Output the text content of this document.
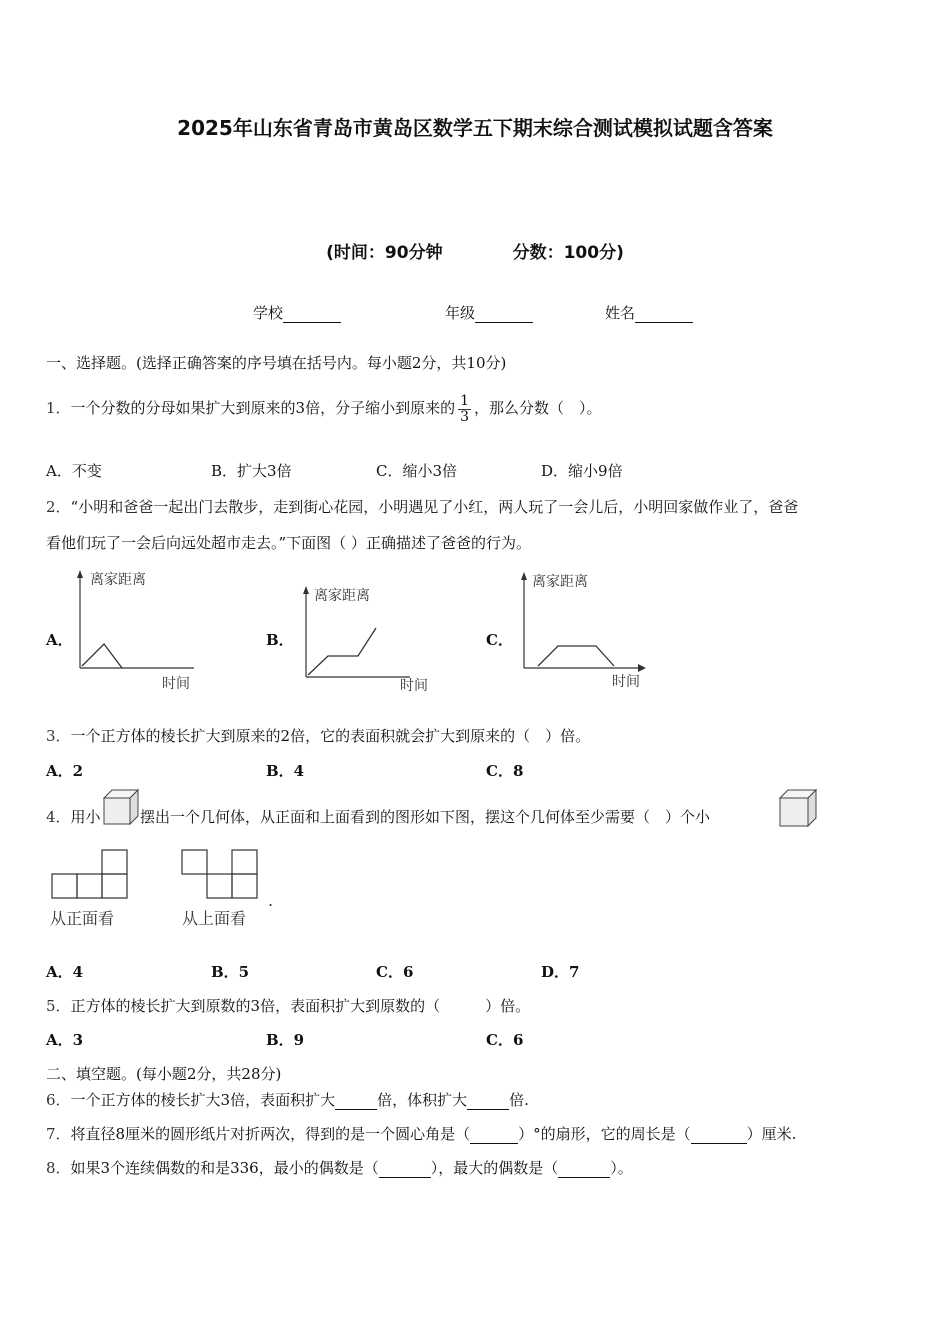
2025年山东省青岛市黄岛区数学五下期末综合测试模拟试题含答案
(时间：90分钟	分数：100分)
学校	年级	姓名
一、选择题。(选择正确答案的序号填在括号内。每小题2分，共10分)
1．一个分数的分母如果扩大到原来的3倍，分子缩小到原来的 $\frac{1}{3}$ ，那么分数（　）。
A．不变	B．扩大3倍	C．缩小3倍	D．缩小9倍
2．“小明和爸爸一起出门去散步，走到街心花园，小明遇见了小红，两人玩了一会儿后，小明回家做作业了，爸爸
看他们玩了一会后向远处超市走去。”下面图（ ）正确描述了爸爸的行为。
A．	B．	C．
离家距离
时间
离家距离
时间
离家距离
时间
3．一个正方体的棱长扩大到原来的2倍，它的表面积就会扩大到原来的（　）倍。
A．2	B．4	C．8
4．用小	摆出一个几何体，从正面和上面看到的图形如下图，摆这个几何体至少需要（　）个小
从正面看	从上面看
.
A．4	B．5	C．6	D．7
5．正方体的棱长扩大到原数的3倍，表面积扩大到原数的（　　　）倍。
A．3	B．9	C．6
二、填空题。(每小题2分，共28分)
6．一个正方体的棱长扩大3倍，表面积扩大	倍，体积扩大	倍.
7．将直径8厘米的圆形纸片对折两次，得到的是一个圆心角是（	）°的扇形，它的周长是（	）厘米.
8．如果3个连续偶数的和是336，最小的偶数是（	），最大的偶数是（	）。
